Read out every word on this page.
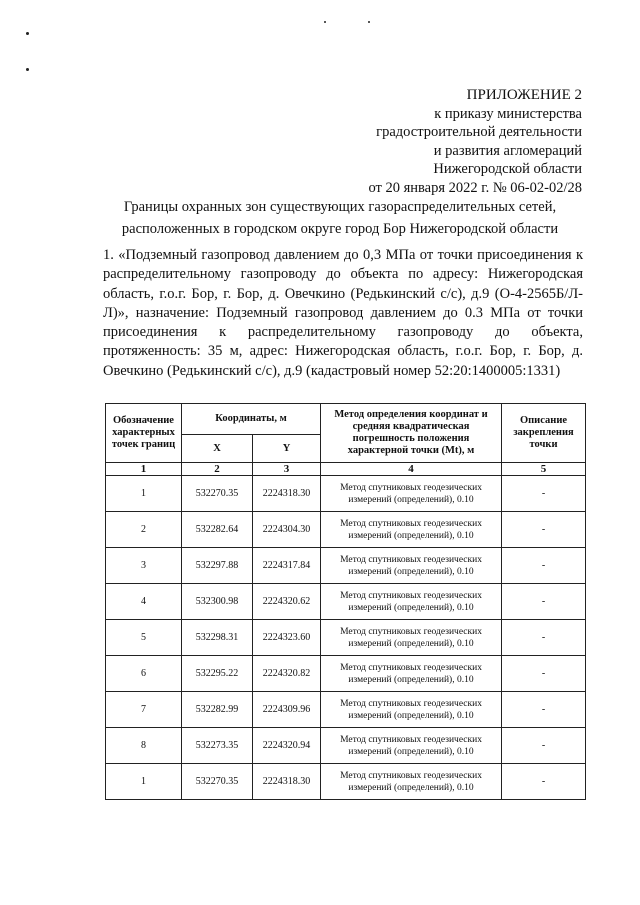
ПРИЛОЖЕНИЕ 2
к приказу министерства
градостроительной деятельности
и развития агломераций
Нижегородской области
от 20 января 2022 г. № 06-02-02/28
Границы охранных зон существующих газораспределительных сетей,
расположенных в городском округе город Бор Нижегородской области
1. «Подземный газопровод давлением до 0,3 МПа от точки присоединения к распределительному газопроводу до объекта по адресу: Нижегородская область, г.о.г. Бор, г. Бор, д. Овечкино (Редькинский с/с), д.9 (О-4-2565Б/Л-Л)», назначение: Подземный газопровод давлением до 0.3 МПа от точки присоединения к распределительному газопроводу до объекта, протяженность: 35 м, адрес: Нижегородская область, г.о.г. Бор, г. Бор, д. Овечкино (Редькинский с/с), д.9 (кадастровый номер 52:20:1400005:1331)
Обозначение характерных точек границ	Координаты, м		Метод определения координат и средняя квадратическая погрешность положения характерной точки (Mt), м	Описание закрепления точки
	X	Y		
1	2	3	4	5
1	532270.35	2224318.30	Метод спутниковых геодезических измерений (определений), 0.10	-
2	532282.64	2224304.30	Метод спутниковых геодезических измерений (определений), 0.10	-
3	532297.88	2224317.84	Метод спутниковых геодезических измерений (определений), 0.10	-
4	532300.98	2224320.62	Метод спутниковых геодезических измерений (определений), 0.10	-
5	532298.31	2224323.60	Метод спутниковых геодезических измерений (определений), 0.10	-
6	532295.22	2224320.82	Метод спутниковых геодезических измерений (определений), 0.10	-
7	532282.99	2224309.96	Метод спутниковых геодезических измерений (определений), 0.10	-
8	532273.35	2224320.94	Метод спутниковых геодезических измерений (определений), 0.10	-
1	532270.35	2224318.30	Метод спутниковых геодезических измерений (определений), 0.10	-
